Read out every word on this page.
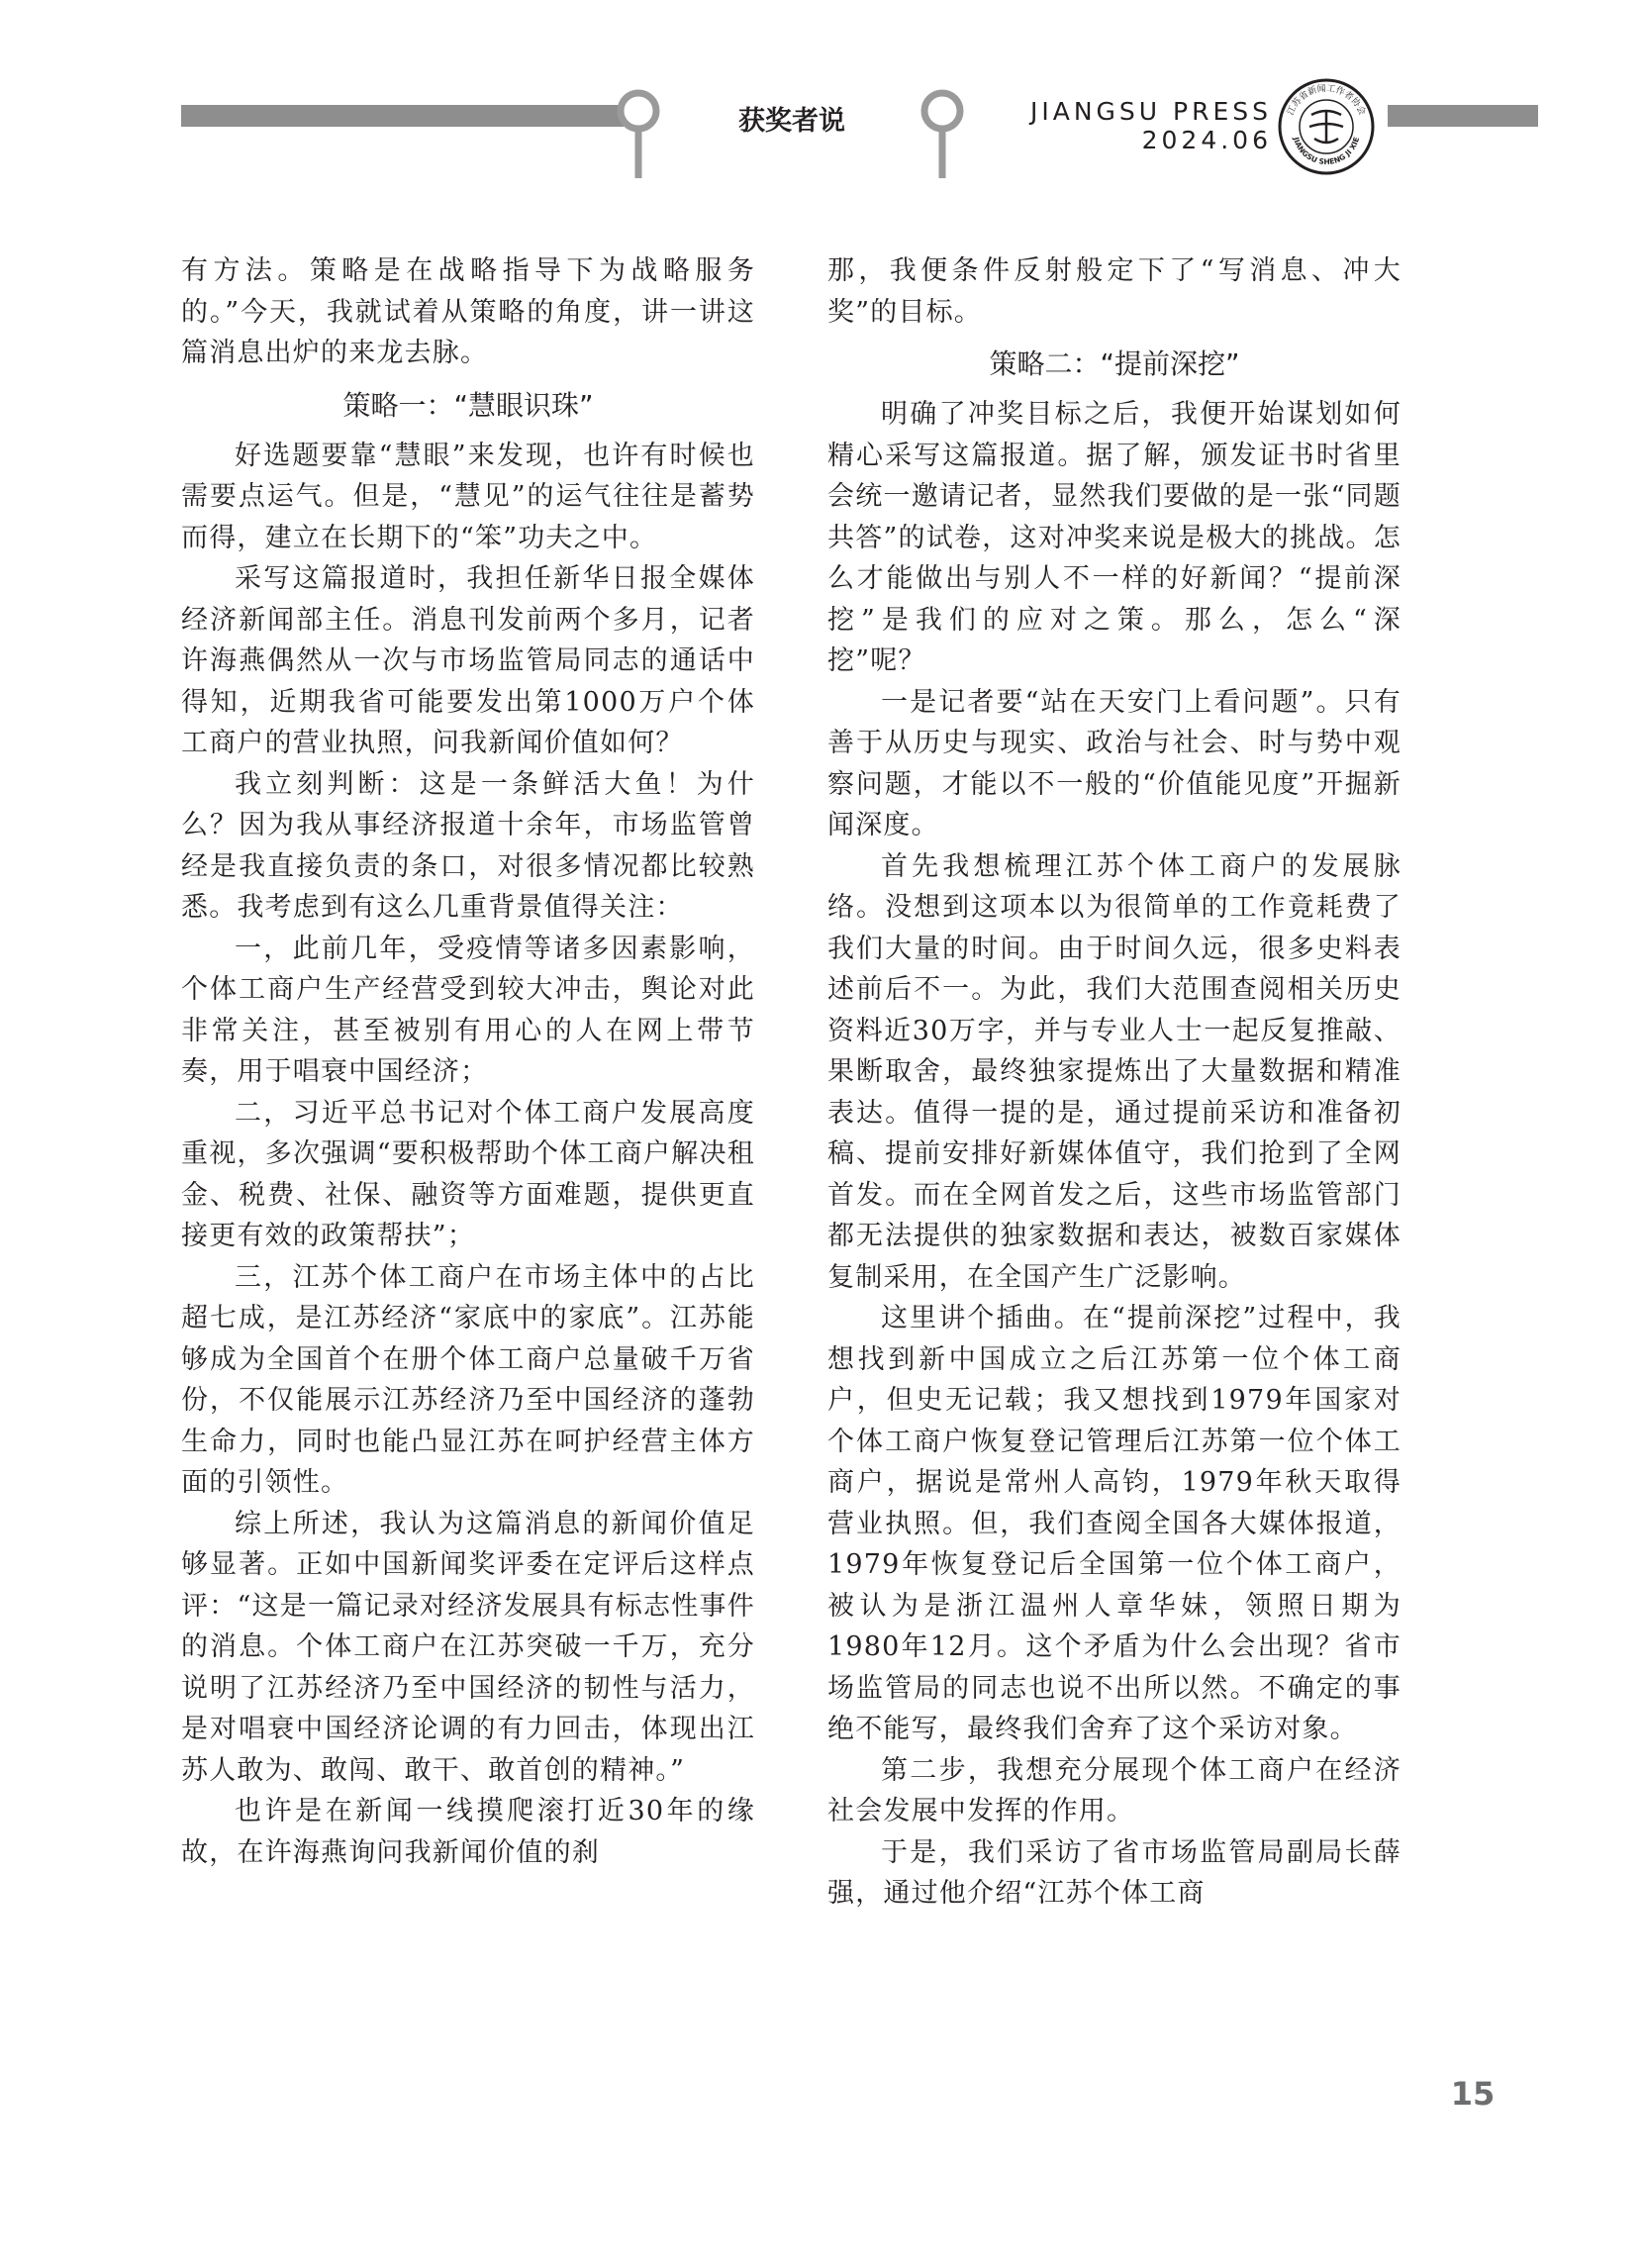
获奖者说	JIANGSU PRESS
2024.06
江苏省新闻工作者协会
JIANGSU SHENG JI XIE

有方法。策略是在战略指导下为战略服务的。”今天，我就试着从策略的角度，讲一讲这篇消息出炉的来龙去脉。

策略一：“慧眼识珠”

好选题要靠“慧眼”来发现，也许有时候也需要点运气。但是，“慧见”的运气往往是蓄势而得，建立在长期下的“笨”功夫之中。

采写这篇报道时，我担任新华日报全媒体经济新闻部主任。消息刊发前两个多月，记者许海燕偶然从一次与市场监管局同志的通话中得知，近期我省可能要发出第1000万户个体工商户的营业执照，问我新闻价值如何？

我立刻判断：这是一条鲜活大鱼！为什么？因为我从事经济报道十余年，市场监管曾经是我直接负责的条口，对很多情况都比较熟悉。我考虑到有这么几重背景值得关注：

一，此前几年，受疫情等诸多因素影响，个体工商户生产经营受到较大冲击，舆论对此非常关注，甚至被别有用心的人在网上带节奏，用于唱衰中国经济；

二，习近平总书记对个体工商户发展高度重视，多次强调“要积极帮助个体工商户解决租金、税费、社保、融资等方面难题，提供更直接更有效的政策帮扶”；

三，江苏个体工商户在市场主体中的占比超七成，是江苏经济“家底中的家底”。江苏能够成为全国首个在册个体工商户总量破千万省份，不仅能展示江苏经济乃至中国经济的蓬勃生命力，同时也能凸显江苏在呵护经营主体方面的引领性。

综上所述，我认为这篇消息的新闻价值足够显著。正如中国新闻奖评委在定评后这样点评：“这是一篇记录对经济发展具有标志性事件的消息。个体工商户在江苏突破一千万，充分说明了江苏经济乃至中国经济的韧性与活力，是对唱衰中国经济论调的有力回击，体现出江苏人敢为、敢闯、敢干、敢首创的精神。”

也许是在新闻一线摸爬滚打近30年的缘故，在许海燕询问我新闻价值的刹

那，我便条件反射般定下了“写消息、冲大奖”的目标。

策略二：“提前深挖”

明确了冲奖目标之后，我便开始谋划如何精心采写这篇报道。据了解，颁发证书时省里会统一邀请记者，显然我们要做的是一张“同题共答”的试卷，这对冲奖来说是极大的挑战。怎么才能做出与别人不一样的好新闻？“提前深挖”是我们的应对之策。那么，怎么“深挖”呢？

一是记者要“站在天安门上看问题”。只有善于从历史与现实、政治与社会、时与势中观察问题，才能以不一般的“价值能见度”开掘新闻深度。

首先我想梳理江苏个体工商户的发展脉络。没想到这项本以为很简单的工作竟耗费了我们大量的时间。由于时间久远，很多史料表述前后不一。为此，我们大范围查阅相关历史资料近30万字，并与专业人士一起反复推敲、果断取舍，最终独家提炼出了大量数据和精准表达。值得一提的是，通过提前采访和准备初稿、提前安排好新媒体值守，我们抢到了全网首发。而在全网首发之后，这些市场监管部门都无法提供的独家数据和表达，被数百家媒体复制采用，在全国产生广泛影响。

这里讲个插曲。在“提前深挖”过程中，我想找到新中国成立之后江苏第一位个体工商户，但史无记载；我又想找到1979年国家对个体工商户恢复登记管理后江苏第一位个体工商户，据说是常州人高钧，1979年秋天取得营业执照。但，我们查阅全国各大媒体报道，1979年恢复登记后全国第一位个体工商户，被认为是浙江温州人章华妹，领照日期为1980年12月。这个矛盾为什么会出现？省市场监管局的同志也说不出所以然。不确定的事绝不能写，最终我们舍弃了这个采访对象。

第二步，我想充分展现个体工商户在经济社会发展中发挥的作用。

于是，我们采访了省市场监管局副局长薛强，通过他介绍“江苏个体工商

15
